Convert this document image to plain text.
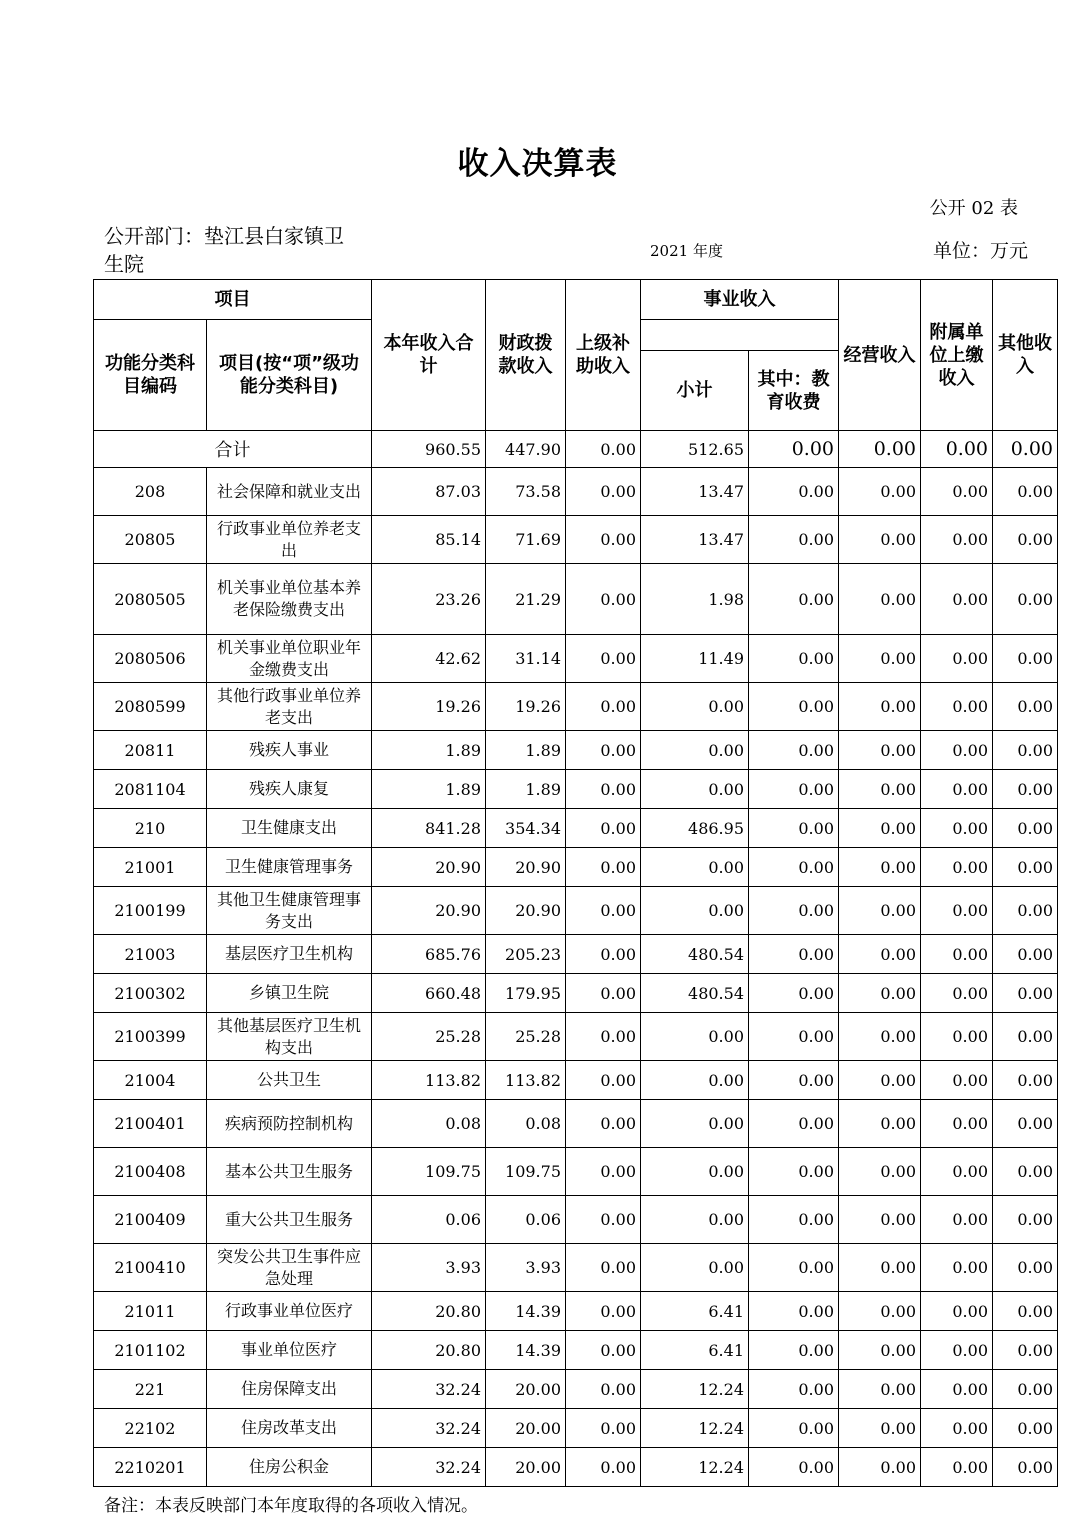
收入决算表
公开 02 表
公开部门：垫江县白家镇卫生院
2021 年度	单位：万元
项目		本年收入合计	财政拨款收入	上级补助收入	事业收入		经营收入	附属单位上缴收入	其他收入
功能分类科目编码	项目(按“项”级功能分类科目)								
					小计	其中：教育收费			
合计		960.55	447.90	0.00	512.65	0.00	0.00	0.00	0.00
208	社会保障和就业支出	87.03	73.58	0.00	13.47	0.00	0.00	0.00	0.00
20805	行政事业单位养老支出	85.14	71.69	0.00	13.47	0.00	0.00	0.00	0.00
2080505	机关事业单位基本养老保险缴费支出	23.26	21.29	0.00	1.98	0.00	0.00	0.00	0.00
2080506	机关事业单位职业年金缴费支出	42.62	31.14	0.00	11.49	0.00	0.00	0.00	0.00
2080599	其他行政事业单位养老支出	19.26	19.26	0.00	0.00	0.00	0.00	0.00	0.00
20811	残疾人事业	1.89	1.89	0.00	0.00	0.00	0.00	0.00	0.00
2081104	残疾人康复	1.89	1.89	0.00	0.00	0.00	0.00	0.00	0.00
210	卫生健康支出	841.28	354.34	0.00	486.95	0.00	0.00	0.00	0.00
21001	卫生健康管理事务	20.90	20.90	0.00	0.00	0.00	0.00	0.00	0.00
2100199	其他卫生健康管理事务支出	20.90	20.90	0.00	0.00	0.00	0.00	0.00	0.00
21003	基层医疗卫生机构	685.76	205.23	0.00	480.54	0.00	0.00	0.00	0.00
2100302	乡镇卫生院	660.48	179.95	0.00	480.54	0.00	0.00	0.00	0.00
2100399	其他基层医疗卫生机构支出	25.28	25.28	0.00	0.00	0.00	0.00	0.00	0.00
21004	公共卫生	113.82	113.82	0.00	0.00	0.00	0.00	0.00	0.00
2100401	疾病预防控制机构	0.08	0.08	0.00	0.00	0.00	0.00	0.00	0.00
2100408	基本公共卫生服务	109.75	109.75	0.00	0.00	0.00	0.00	0.00	0.00
2100409	重大公共卫生服务	0.06	0.06	0.00	0.00	0.00	0.00	0.00	0.00
2100410	突发公共卫生事件应急处理	3.93	3.93	0.00	0.00	0.00	0.00	0.00	0.00
21011	行政事业单位医疗	20.80	14.39	0.00	6.41	0.00	0.00	0.00	0.00
2101102	事业单位医疗	20.80	14.39	0.00	6.41	0.00	0.00	0.00	0.00
221	住房保障支出	32.24	20.00	0.00	12.24	0.00	0.00	0.00	0.00
22102	住房改革支出	32.24	20.00	0.00	12.24	0.00	0.00	0.00	0.00
2210201	住房公积金	32.24	20.00	0.00	12.24	0.00	0.00	0.00	0.00
备注：本表反映部门本年度取得的各项收入情况。
